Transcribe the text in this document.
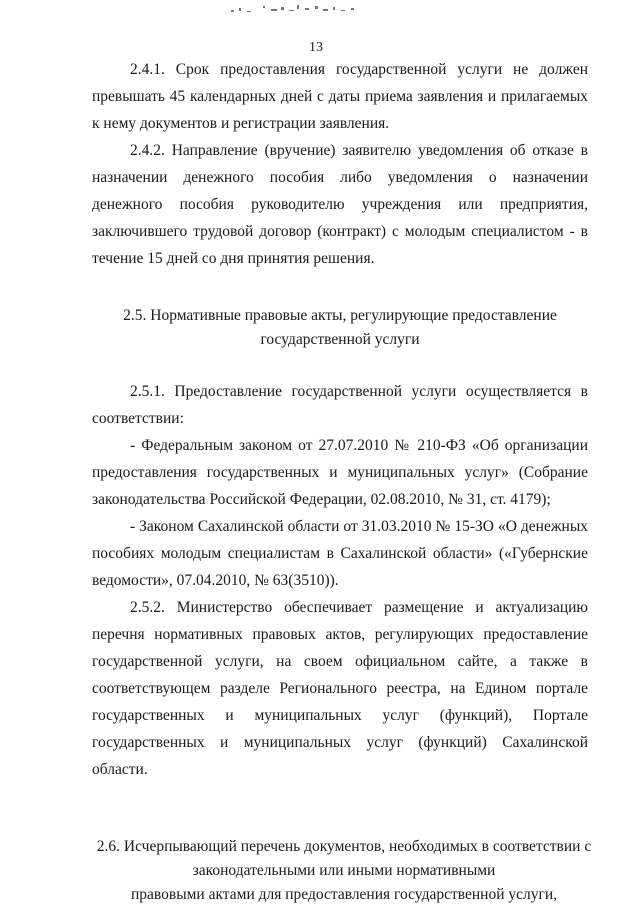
13

2.4.1. Срок предоставления государственной услуги не должен превышать 45 календарных дней с даты приема заявления и прилагаемых к нему документов и регистрации заявления.

2.4.2. Направление (вручение) заявителю уведомления об отказе в назначении денежного пособия либо уведомления о назначении денежного пособия руководителю учреждения или предприятия, заключившего трудовой договор (контракт) с молодым специалистом - в течение 15 дней со дня принятия решения.

2.5. Нормативные правовые акты, регулирующие предоставление
государственной услуги

2.5.1. Предоставление государственной услуги осуществляется в соответствии:

- Федеральным законом от 27.07.2010 № 210-ФЗ «Об организации предоставления государственных и муниципальных услуг» (Собрание законодательства Российской Федерации, 02.08.2010, № 31, ст. 4179);

- Законом Сахалинской области от 31.03.2010 № 15-ЗО «О денежных пособиях молодым специалистам в Сахалинской области» («Губернские ведомости», 07.04.2010, № 63(3510)).

2.5.2. Министерство обеспечивает размещение и актуализацию перечня нормативных правовых актов, регулирующих предоставление государственной услуги, на своем официальном сайте, а также в соответствующем разделе Регионального реестра, на Едином портале государственных и муниципальных услуг (функций), Портале государственных и муниципальных услуг (функций) Сахалинской области.

2.6. Исчерпывающий перечень документов, необходимых в соответствии с
законодательными или иными нормативными
правовыми актами для предоставления государственной услуги,
